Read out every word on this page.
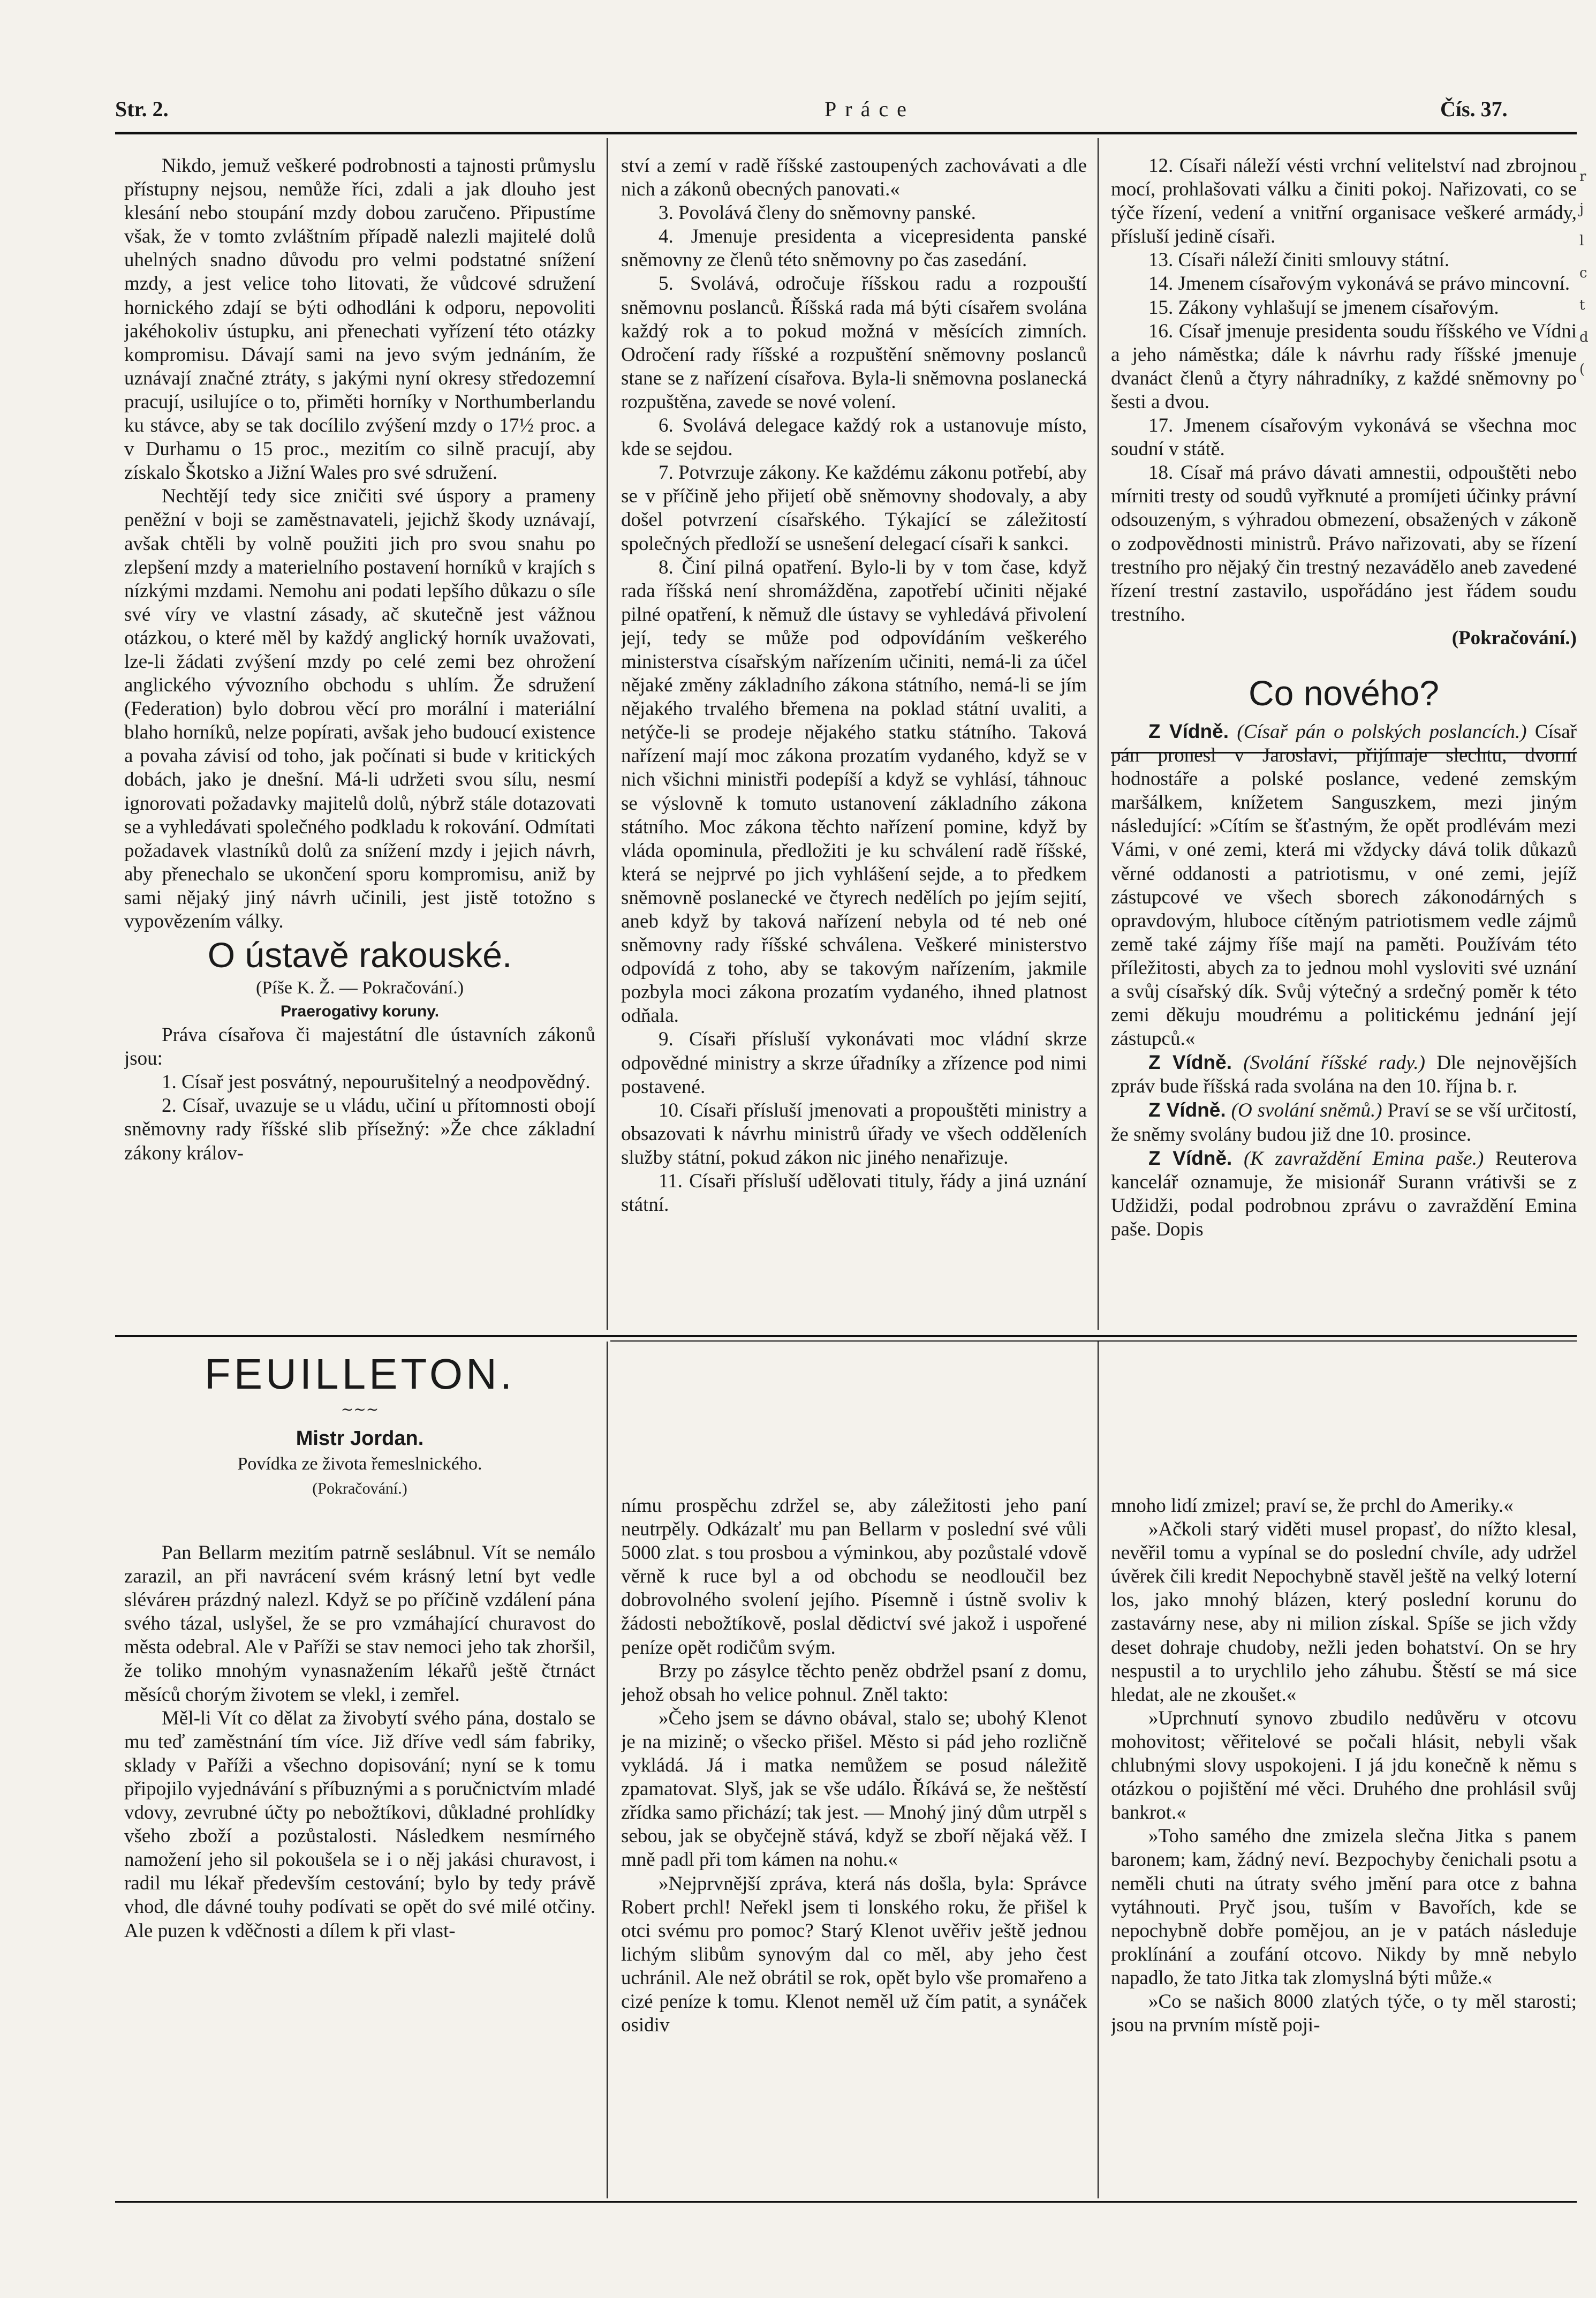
Str. 2.	Práce	Čís. 37.

Nikdo, jemuž veškeré podrobnosti a tajnosti průmyslu přístupny nejsou, nemůže říci, zdali a jak dlouho jest klesání nebo stoupání mzdy dobou zaručeno. Připustíme však, že v tomto zvláštním případě nalezli majitelé dolů uhelných snadno důvodu pro velmi podstatné snížení mzdy, a jest velice toho litovati, že vůdcové sdružení hornického zdají se býti odhodláni k odporu, nepovoliti jakéhokoliv ústupku, ani přenechati vyřízení této otázky kompromisu. Dávají sami na jevo svým jednáním, že uznávají značné ztráty, s jakými nyní okresy středozemní pracují, usilujíce o to, přiměti horníky v Northumberlandu ku stávce, aby se tak docílilo zvýšení mzdy o 17½ proc. a v Durhamu o 15 proc., mezitím co silně pracují, aby získalo Škotsko a Jižní Wales pro své sdružení.

Nechtějí tedy sice zničiti své úspory a prameny peněžní v boji se zaměstnavateli, jejichž škody uznávají, avšak chtěli by volně použiti jich pro svou snahu po zlepšení mzdy a materielního postavení horníků v krajích s nízkými mzdami. Nemohu ani podati lepšího důkazu o síle své víry ve vlastní zásady, ač skutečně jest vážnou otázkou, o které měl by každý anglický horník uvažovati, lze-li žádati zvýšení mzdy po celé zemi bez ohrožení anglického vývozního obchodu s uhlím. Že sdružení (Federation) bylo dobrou věcí pro morální i materiální blaho horníků, nelze popírati, avšak jeho budoucí existence a povaha závisí od toho, jak počínati si bude v kritických dobách, jako je dnešní. Má-li udržeti svou sílu, nesmí ignorovati požadavky majitelů dolů, nýbrž stále dotazovati se a vyhledávati společného podkladu k rokování. Odmítati požadavek vlastníků dolů za snížení mzdy i jejich návrh, aby přenechalo se ukončení sporu kompromisu, aniž by sami nějaký jiný návrh učinili, jest jistě totožno s vypovězením války.

O ústavě rakouské.

(Píše K. Ž. — Pokračování.)

Praerogativy koruny.

Práva císařova či majestátní dle ústavních zákonů jsou:

1. Císař jest posvátný, nepourušitelný a neodpovědný.

2. Císař, uvazuje se u vládu, učiní u přítomnosti obojí sněmovny rady říšské slib přísežný: »Že chce základní zákony králov-

ství a zemí v radě říšské zastoupených zachovávati a dle nich a zákonů obecných panovati.«

3. Povolává členy do sněmovny panské.

4. Jmenuje presidenta a vicepresidenta panské sněmovny ze členů této sněmovny po čas zasedání.

5. Svolává, odročuje říšskou radu a rozpouští sněmovnu poslanců. Říšská rada má býti císařem svolána každý rok a to pokud možná v měsících zimních. Odročení rady říšské a rozpuštění sněmovny poslanců stane se z nařízení císařova. Byla-li sněmovna poslanecká rozpuštěna, zavede se nové volení.

6. Svolává delegace každý rok a ustanovuje místo, kde se sejdou.

7. Potvrzuje zákony. Ke každému zákonu potřebí, aby se v příčině jeho přijetí obě sněmovny shodovaly, a aby došel potvrzení císařského. Týkající se záležitostí společných předloží se usnešení delegací císaři k sankci.

8. Činí pilná opatření. Bylo-li by v tom čase, když rada říšská není shromážděna, zapotřebí učiniti nějaké pilné opatření, k němuž dle ústavy se vyhledává přivolení její, tedy se může pod odpovídáním veškerého ministerstva císařským nařízením učiniti, nemá-li za účel nějaké změny základního zákona státního, nemá-li se jím nějakého trvalého břemena na poklad státní uvaliti, a netýče-li se prodeje nějakého statku státního. Taková nařízení mají moc zákona prozatím vydaného, když se v nich všichni ministři podepíší a když se vyhlásí, táhnouc se výslovně k tomuto ustanovení základního zákona státního. Moc zákona těchto nařízení pomine, když by vláda opominula, předložiti je ku schválení radě říšské, která se nejprvé po jich vyhlášení sejde, a to předkem sněmovně poslanecké ve čtyrech nedělích po jejím sejití, aneb když by taková nařízení nebyla od té neb oné sněmovny rady říšské schválena. Veškeré ministerstvo odpovídá z toho, aby se takovým nařízením, jakmile pozbyla moci zákona prozatím vydaného, ihned platnost odňala.

9. Císaři přísluší vykonávati moc vládní skrze odpovědné ministry a skrze úřadníky a zřízence pod nimi postavené.

10. Císaři přísluší jmenovati a propouštěti ministry a obsazovati k návrhu ministrů úřady ve všech odděleních služby státní, pokud zákon nic jiného nenařizuje.

11. Císaři přísluší udělovati tituly, řády a jiná uznání státní.

12. Císaři náleží vésti vrchní velitelství nad zbrojnou mocí, prohlašovati válku a činiti pokoj. Nařizovati, co se týče řízení, vedení a vnitřní organisace veškeré armády, přísluší jedině císaři.

13. Císaři náleží činiti smlouvy státní.

14. Jmenem císařovým vykonává se právo mincovní.

15. Zákony vyhlašují se jmenem císařovým.

16. Císař jmenuje presidenta soudu říšského ve Vídni a jeho náměstka; dále k návrhu rady říšské jmenuje dvanáct členů a čtyry náhradníky, z každé sněmovny po šesti a dvou.

17. Jmenem císařovým vykonává se všechna moc soudní v státě.

18. Císař má právo dávati amnestii, odpouštěti nebo mírniti tresty od soudů vyřknuté a promíjeti účinky právní odsouzeným, s výhradou obmezení, obsažených v zákoně o zodpovědnosti ministrů. Právo nařizovati, aby se řízení trestního pro nějaký čin trestný nezavádělo aneb zavedené řízení trestní zastavilo, uspořádáno jest řádem soudu trestního.

(Pokračování.)

Co nového?

Z Vídně. (Císař pán o polských poslancích.) Císař pán pronesl v Jaroslavi, přijímaje slechtu, dvorní hodnostáře a polské poslance, vedené zemským maršálkem, knížetem Sanguszkem, mezi jiným následující: »Cítím se šťastným, že opět prodlévám mezi Vámi, v oné zemi, která mi vždycky dává tolik důkazů věrné oddanosti a patriotismu, v oné zemi, jejíž zástupcové ve všech sborech zákonodárných s opravdovým, hlubocе cítěným patriotismem vedle zájmů země také zájmy říše mají na paměti. Používám této příležitosti, abych za to jednou mohl vysloviti své uznání a svůj císařský dík. Svůj výtečný a srdečný poměr k této zemi děkuju moudrému a politickému jednání její zástupců.«

Z Vídně. (Svolání říšské rady.) Dle nejnovějších zpráv bude říšská rada svolána na den 10. října b. r.

Z Vídně. (O svolání sněmů.) Praví se se vší určitostí, že sněmy svolány budou již dne 10. prosince.

Z Vídně. (K zavraždění Emina paše.) Reuterova kancelář oznamuje, že misionář Surann vrátivši se z Udžidži, podal podrobnou zprávu o zavraždění Emina paše. Dopis

FEUILLETON.
~~~
Mistr Jordan.
Povídka ze života řemeslnického.
(Pokračování.)

Pan Bellarm mezitím patrně seslábnul. Vít se nemálo zarazil, an při navrácení svém krásný letní byt vedle slévárен prázdný nalezl. Když se po příčině vzdálení pána svého tázal, uslyšel, že se pro vzmáhající churavost do města odebral. Ale v Paříži se stav nemoci jeho tak zhoršil, že toliko mnohým vynasnažením lékařů ještě čtrnáct měsíců chorým životem se vlekl, i zemřel.

Měl-li Vít co dělat za živobytí svého pána, dostalo se mu teď zaměstnání tím více. Již dříve vedl sám fabriky, sklady v Paříži a všechno dopisování; nyní se k tomu připojilo vyjednávání s příbuznými a s poručnictvím mladé vdovy, zevrubné účty po nebožtíkovi, důkladné prohlídky všeho zboží a pozůstalosti. Následkem nesmírného namožení jeho sil pokoušela se i o něj jakási churavost, i radil mu lékař především cestování; bylo by tedy právě vhod, dle dávné touhy podívati se opět do své milé otčiny. Ale puzen k vděčnosti a dílem k při vlast-

nímu prospěchu zdržel se, aby záležitosti jeho paní neutrpěly. Odkázalť mu pan Bellarm v poslední své vůli 5000 zlat. s tou prosbou a výminkou, aby pozůstalé vdově věrně k ruce byl a od obchodu se neodlоučil bez dobrovolného svolení jejího. Písemně i ústně svoliv k žádosti nebožtíkově, poslal dědictví své jakož i uspořené peníze opět rodičům svým.

Brzy po zásylce těchto peněz obdržel psaní z domu, jehož obsah ho velice pohnul. Zněl takto:

»Čeho jsem se dávno obával, stalo se; ubohý Klenot je na mizině; o všecko přišel. Město si pád jeho rozličně vykládá. Já i matka nemůžem se posud náležitě zpamatovat. Slyš, jak se vše událo. Říkává se, že neštěstí zřídka samo přichází; tak jest. — Mnohý jiný dům utrpěl s sebou, jak se obyčejně stává, když se zboří nějaká věž. I mně padl při tom kámen na nohu.«

»Nejprvnější zpráva, která nás došla, byla: Správce Robert prchl! Neřekl jsem ti lonského roku, že přišel k otci svému pro pomoc? Starý Klenot uvěřiv ještě jednou lichým slibům synovým dal co měl, aby jeho čest uchránil. Ale než obrátil se rok, opět bylo vše promařeno a cizé peníze k tomu. Klenot neměl už čím patit, a synáček osidiv

mnoho lidí zmizel; praví se, že prchl do Ameriky.«

»Ačkoli starý viděti musel propasť, do nížto klesal, nevěřil tomu a vypínal se do poslední chvíle, ady udržel úvěrek čili kredit Nepochybně stavěl ještě na velký loterní los, jako mnohý blázen, který poslední korunu do zastavárny nese, aby ni milion získal. Spíše se jich vždy deset dohraje chudoby, nežli jeden bohatství. On se hry nespustil a to urychlilo jeho záhubu. Štěstí se má sice hledat, ale ne zkoušet.«

»Uprchnutí synovo zbudilo nedůvěru v otcovu mohovitost; věřitelové se počali hlásit, nebyli však chlubnými slovy uspokojeni. I já jdu konečně k němu s otázkou o pojištění mé věci. Druhého dne prohlásil svůj bankrot.«

»Toho samého dne zmizela slečna Jitka s panem baronem; kam, žádný neví. Bezpochyby čenichali psotu a neměli chuti na útraty svého jmění para otce z bahna vytáhnouti. Pryč jsou, tuším v Bavořích, kde se nepochybně dobře pomějou, an je v patách následuje proklínání a zoufání otcovo. Nikdy by mně nebylo napadlo, že tato Jitka tak zlomyslná býti může.«

»Co se našich 8000 zlatých týče, o ty měl starosti; jsou na prvním místě poji-

r j l c t d (
